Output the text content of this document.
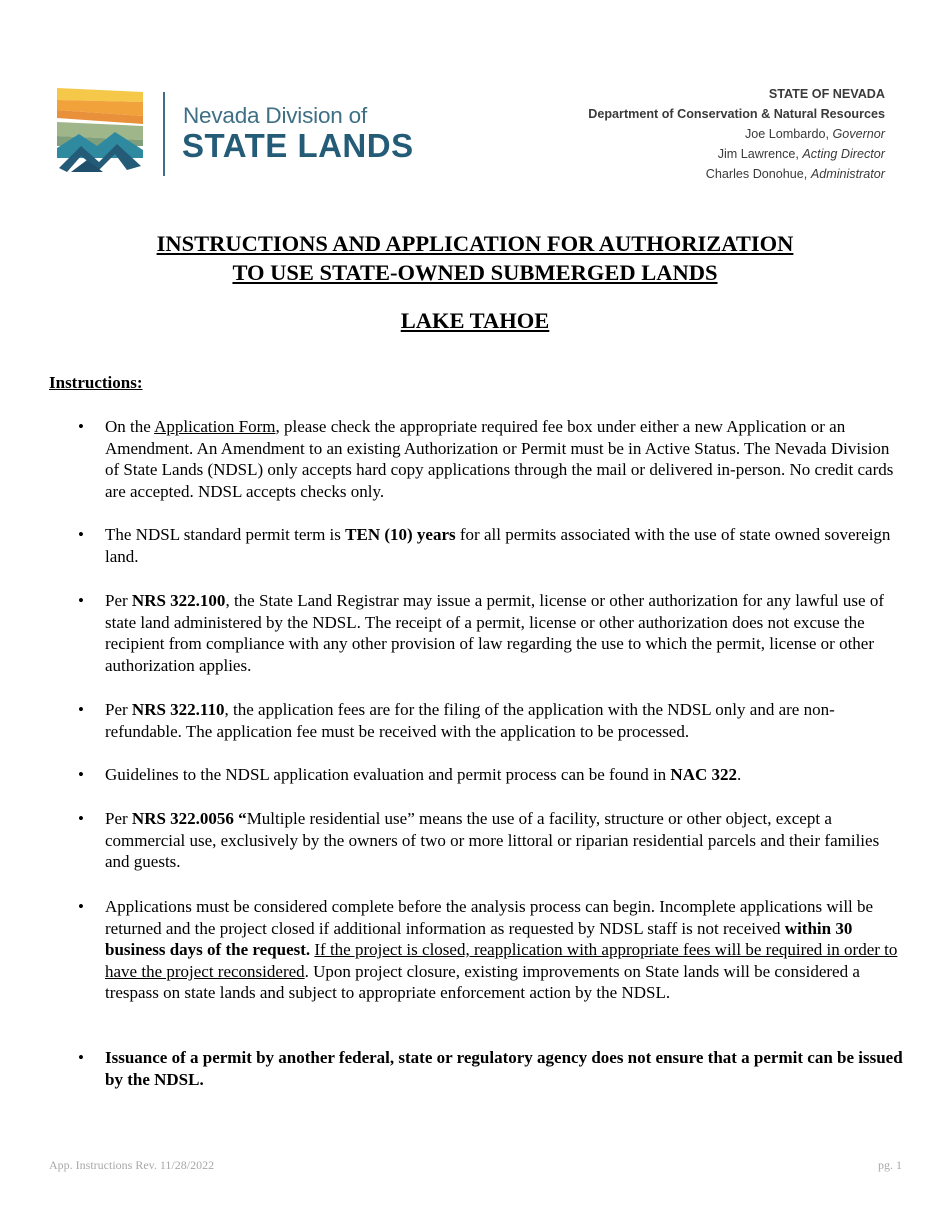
Nevada Division of
STATE LANDS
STATE OF NEVADA
Department of Conservation & Natural Resources
Joe Lombardo, Governor
Jim Lawrence, Acting Director
Charles Donohue, Administrator
INSTRUCTIONS AND APPLICATION FOR AUTHORIZATION
TO USE STATE-OWNED SUBMERGED LANDS
LAKE TAHOE
Instructions:
• On the Application Form, please check the appropriate required fee box under either a new Application or an Amendment. An Amendment to an existing Authorization or Permit must be in Active Status. The Nevada Division of State Lands (NDSL) only accepts hard copy applications through the mail or delivered in-person. No credit cards are accepted. NDSL accepts checks only.
• The NDSL standard permit term is TEN (10) years for all permits associated with the use of state owned sovereign land.
• Per NRS 322.100, the State Land Registrar may issue a permit, license or other authorization for any lawful use of state land administered by the NDSL. The receipt of a permit, license or other authorization does not excuse the recipient from compliance with any other provision of law regarding the use to which the permit, license or other authorization applies.
• Per NRS 322.110, the application fees are for the filing of the application with the NDSL only and are non-refundable. The application fee must be received with the application to be processed.
• Guidelines to the NDSL application evaluation and permit process can be found in NAC 322.
• Per NRS 322.0056 “Multiple residential use” means the use of a facility, structure or other object, except a commercial use, exclusively by the owners of two or more littoral or riparian residential parcels and their families and guests.
• Applications must be considered complete before the analysis process can begin. Incomplete applications will be returned and the project closed if additional information as requested by NDSL staff is not received within 30 business days of the request. If the project is closed, reapplication with appropriate fees will be required in order to have the project reconsidered. Upon project closure, existing improvements on State lands will be considered a trespass on state lands and subject to appropriate enforcement action by the NDSL.
• Issuance of a permit by another federal, state or regulatory agency does not ensure that a permit can be issued by the NDSL.
App. Instructions Rev. 11/28/2022	pg. 1
